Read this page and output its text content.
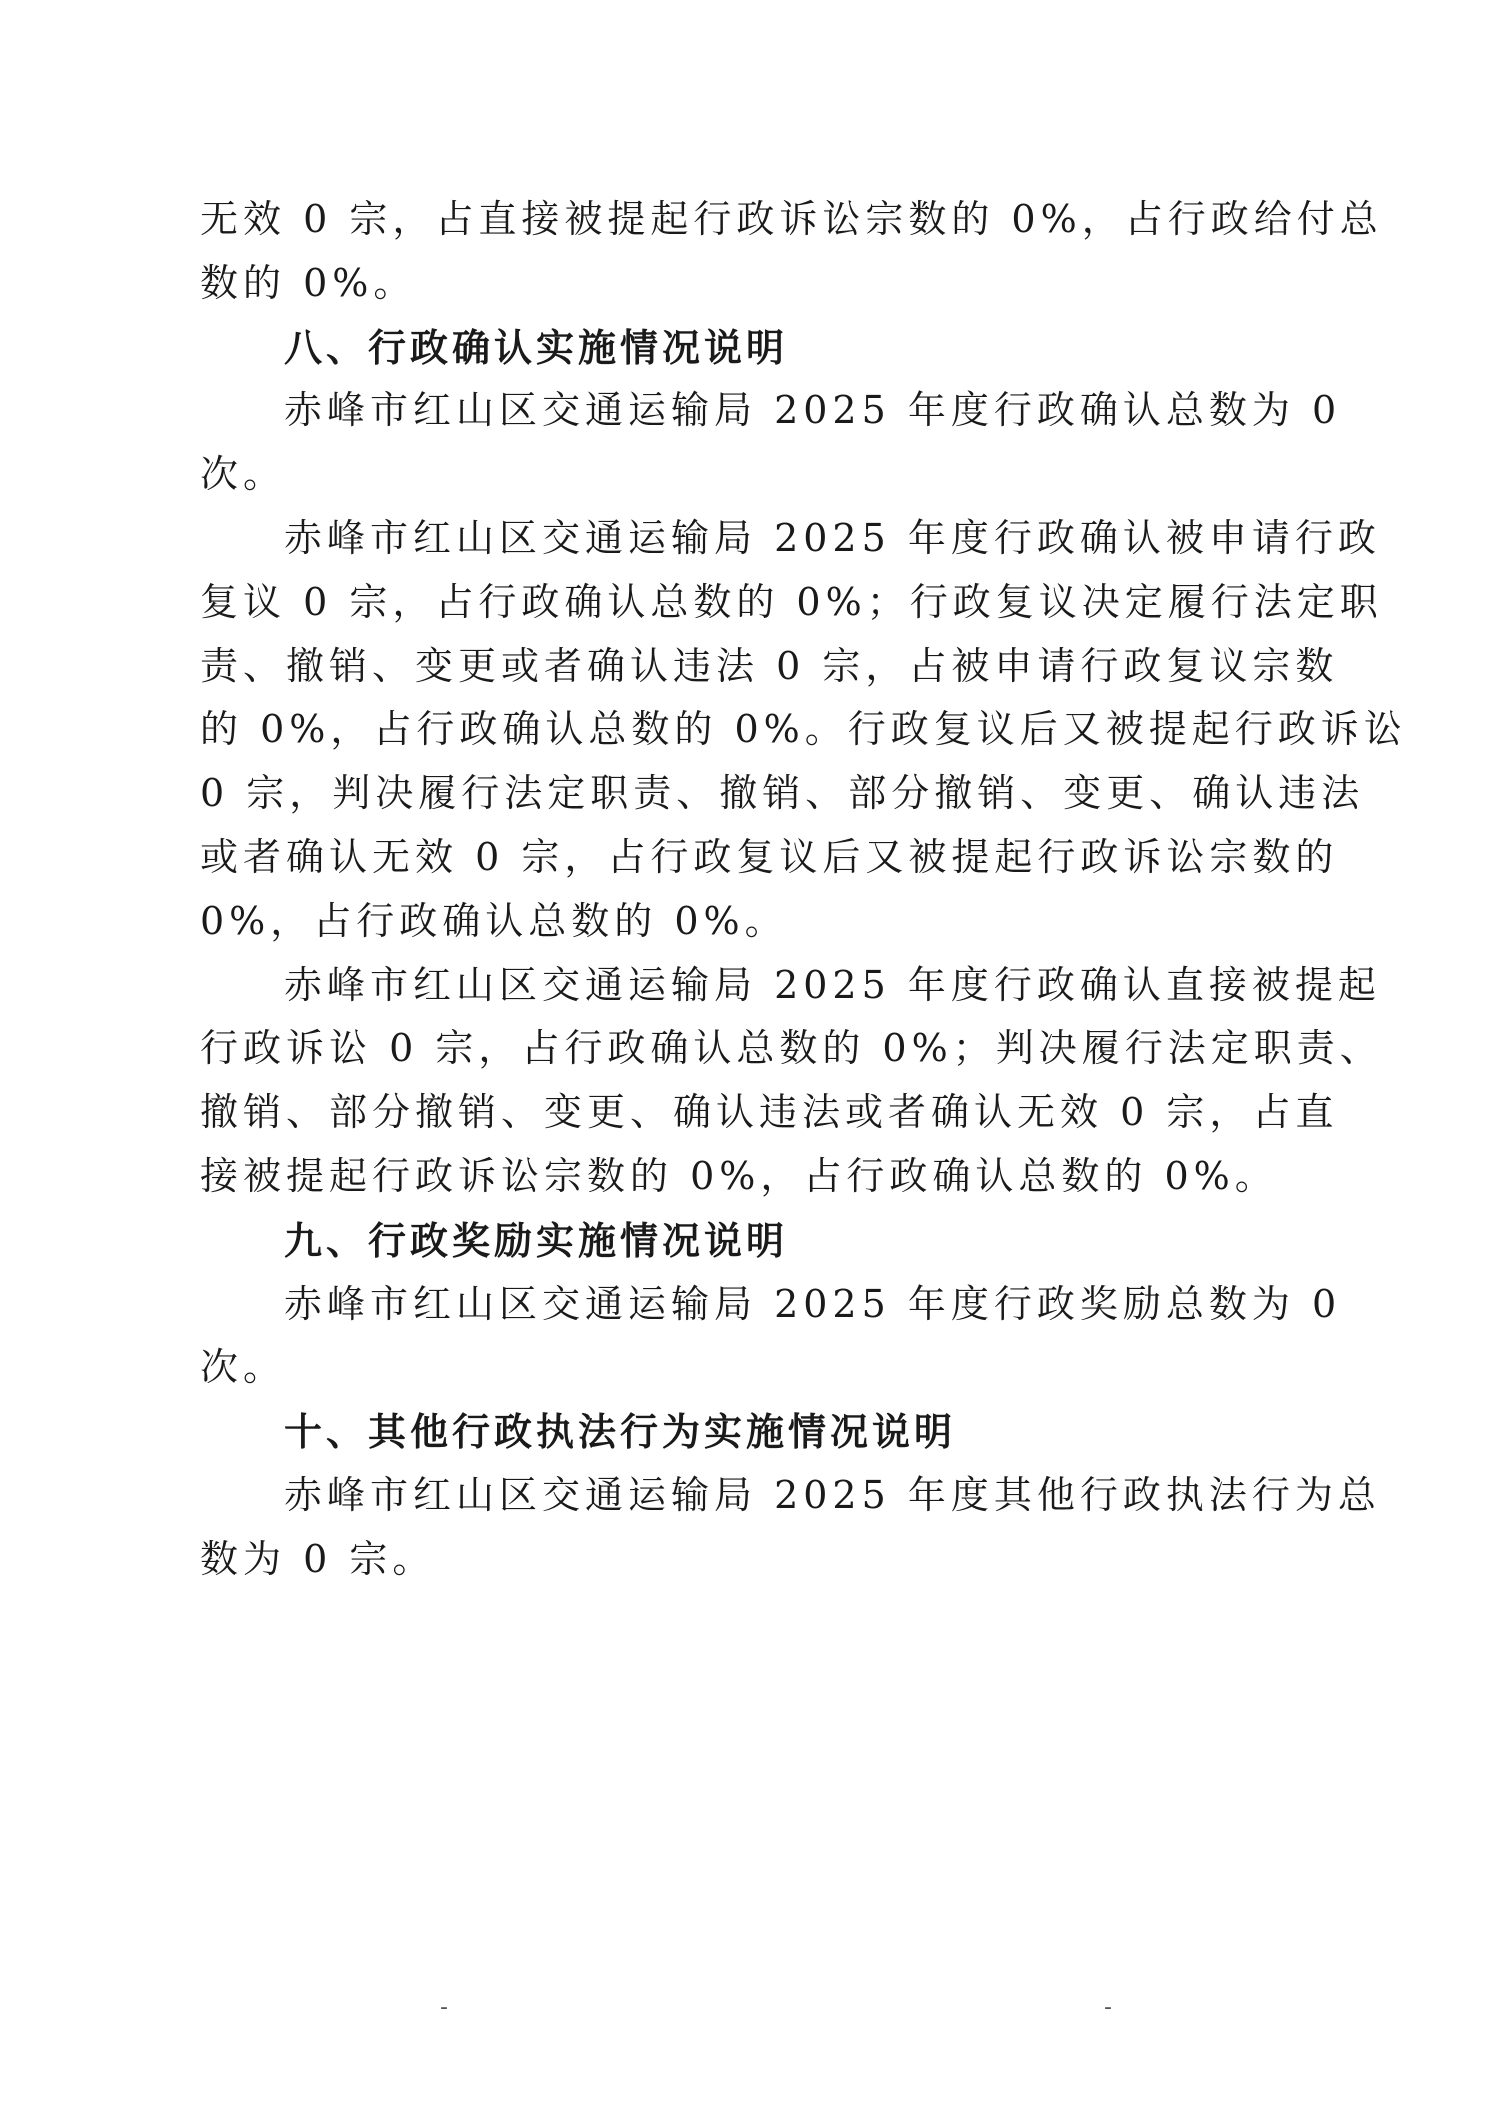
无效 0 宗，占直接被提起行政诉讼宗数的 0%，占行政给付总
数的 0%。
八、行政确认实施情况说明
赤峰市红山区交通运输局 2025 年度行政确认总数为 0
次。
赤峰市红山区交通运输局 2025 年度行政确认被申请行政
复议 0 宗，占行政确认总数的 0%；行政复议决定履行法定职
责、撤销、变更或者确认违法 0 宗，占被申请行政复议宗数
的 0%，占行政确认总数的 0%。行政复议后又被提起行政诉讼
0 宗，判决履行法定职责、撤销、部分撤销、变更、确认违法
或者确认无效 0 宗，占行政复议后又被提起行政诉讼宗数的
0%，占行政确认总数的 0%。
赤峰市红山区交通运输局 2025 年度行政确认直接被提起
行政诉讼 0 宗，占行政确认总数的 0%；判决履行法定职责、
撤销、部分撤销、变更、确认违法或者确认无效 0 宗，占直
接被提起行政诉讼宗数的 0%，占行政确认总数的 0%。
九、行政奖励实施情况说明
赤峰市红山区交通运输局 2025 年度行政奖励总数为 0
次。
十、其他行政执法行为实施情况说明
赤峰市红山区交通运输局 2025 年度其他行政执法行为总
数为 0 宗。
-	-
